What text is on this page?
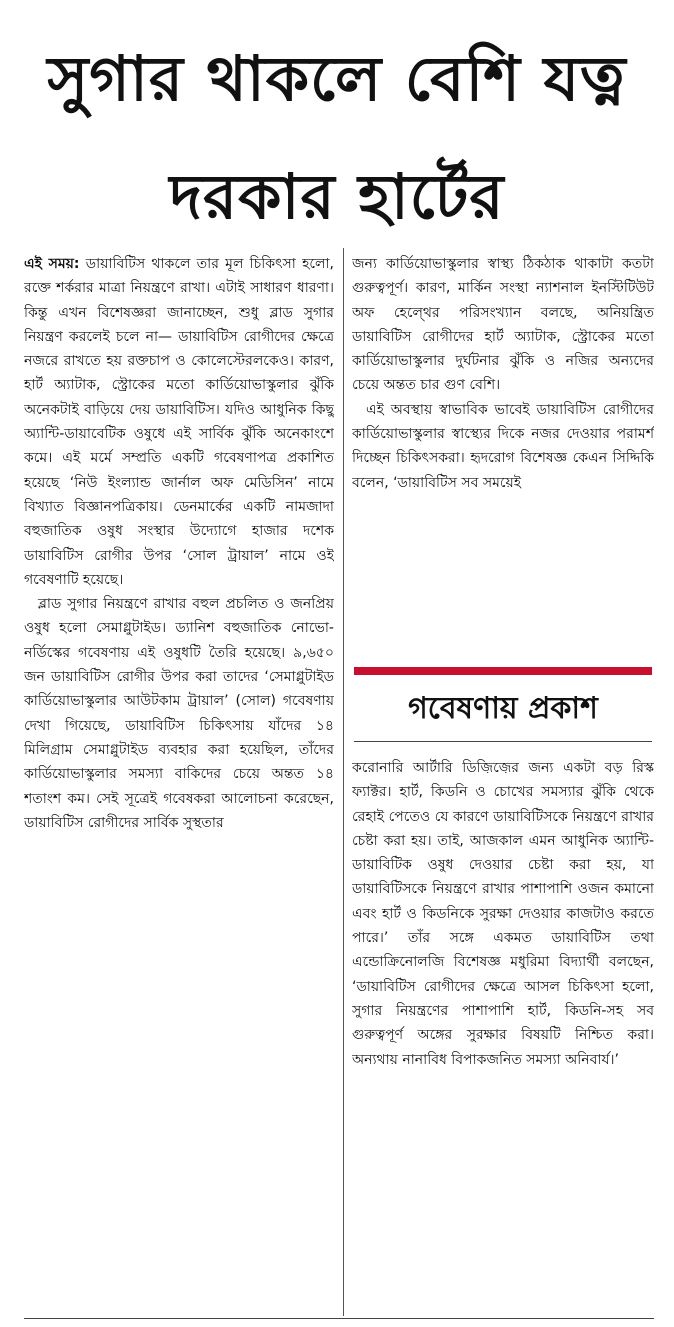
সুগার থাকলে বেশি যত্ন দরকার হার্টের

এই সময়: ডায়াবিটিস থাকলে তার মূল চিকিৎসা হলো, রক্তে শর্করার মাত্রা নিয়ন্ত্রণে রাখা। এটাই সাধারণ ধারণা। কিন্তু এখন বিশেষজ্ঞরা জানাচ্ছেন, শুধু ব্লাড সুগার নিয়ন্ত্রণ করলেই চলে না— ডায়াবিটিস রোগীদের ক্ষেত্রে নজরে রাখতে হয় রক্তচাপ ও কোলেস্টেরলকেও। কারণ, হার্ট অ্যাটাক, স্ট্রোকের মতো কার্ডিয়োভাস্কুলার ঝুঁকি অনেকটাই বাড়িয়ে দেয় ডায়াবিটিস। যদিও আধুনিক কিছু অ্যান্টি-ডায়াবেটিক ওষুধে এই সার্বিক ঝুঁকি অনেকাংশে কমে। এই মর্মে সম্প্রতি একটি গবেষণাপত্র প্রকাশিত হয়েছে ‘নিউ ইংল্যান্ড জার্নাল অফ মেডিসিন’ নামে বিখ্যাত বিজ্ঞানপত্রিকায়। ডেনমার্কের একটি নামজাদা বহুজাতিক ওষুধ সংস্থার উদ্যোগে হাজার দশেক ডায়াবিটিস রোগীর উপর ‘সোল ট্রায়াল’ নামে ওই গবেষণাটি হয়েছে।

ব্লাড সুগার নিয়ন্ত্রণে রাখার বহুল প্রচলিত ও জনপ্রিয় ওষুধ হলো সেমাগ্লুটাইড। ড্যানিশ বহুজাতিক নোভো-নর্ডিস্কের গবেষণায় এই ওষুধটি তৈরি হয়েছে। ৯,৬৫০ জন ডায়াবিটিস রোগীর উপর করা তাদের ‘সেমাগ্লুটাইড কার্ডিয়োভাস্কুলার আউটকাম ট্রায়াল’ (সোল) গবেষণায় দেখা গিয়েছে, ডায়াবিটিস চিকিৎসায় যাঁদের ১৪ মিলিগ্রাম সেমাগ্লুটাইড ব্যবহার করা হয়েছিল, তাঁদের কার্ডিয়োভাস্কুলার সমস্যা বাকিদের চেয়ে অন্তত ১৪ শতাংশ কম। সেই সূত্রেই গবেষকরা আলোচনা করেছেন, ডায়াবিটিস রোগীদের সার্বিক সুস্থতার

জন্য কার্ডিয়োভাস্কুলার স্বাস্থ্য ঠিকঠাক থাকাটা কতটা গুরুত্বপূর্ণ। কারণ, মার্কিন সংস্থা ন্যাশনাল ইনস্টিটিউট অফ হেল্থের পরিসংখ্যান বলছে, অনিয়ন্ত্রিত ডায়াবিটিস রোগীদের হার্ট অ্যাটাক, স্ট্রোকের মতো কার্ডিয়োভাস্কুলার দুর্ঘটনার ঝুঁকি ও নজির অন্যদের চেয়ে অন্তত চার গুণ বেশি।

এই অবস্থায় স্বাভাবিক ভাবেই ডায়াবিটিস রোগীদের কার্ডিয়োভাস্কুলার স্বাস্থ্যের দিকে নজর দেওয়ার পরামর্শ দিচ্ছেন চিকিৎসকরা। হৃদরোগ বিশেষজ্ঞ কেএন সিদ্দিকি বলেন, ‘ডায়াবিটিস সব সময়েই

গবেষণায় প্রকাশ

করোনারি আর্টারি ডিজ়িজ়ের জন্য একটা বড় রিস্ক ফ্যাক্টর। হার্ট, কিডনি ও চোখের সমস্যার ঝুঁকি থেকে রেহাই পেতেও যে কারণে ডায়াবিটিসকে নিয়ন্ত্রণে রাখার চেষ্টা করা হয়। তাই, আজকাল এমন আধুনিক অ্যান্টি-ডায়াবিটিক ওষুধ দেওয়ার চেষ্টা করা হয়, যা ডায়াবিটিসকে নিয়ন্ত্রণে রাখার পাশাপাশি ওজন কমানো এবং হার্ট ও কিডনিকে সুরক্ষা দেওয়ার কাজটাও করতে পারে।’ তাঁর সঙ্গে একমত ডায়াবিটিস তথা এন্ডোক্রিনোলজি বিশেষজ্ঞ মধুরিমা বিদ্যার্থী বলছেন, ‘ডায়াবিটিস রোগীদের ক্ষেত্রে আসল চিকিৎসা হলো, সুগার নিয়ন্ত্রণের পাশাপাশি হার্ট, কিডনি-সহ সব গুরুত্বপূর্ণ অঙ্গের সুরক্ষার বিষয়টি নিশ্চিত করা। অন্যথায় নানাবিধ বিপাকজনিত সমস্যা অনিবার্য।’
